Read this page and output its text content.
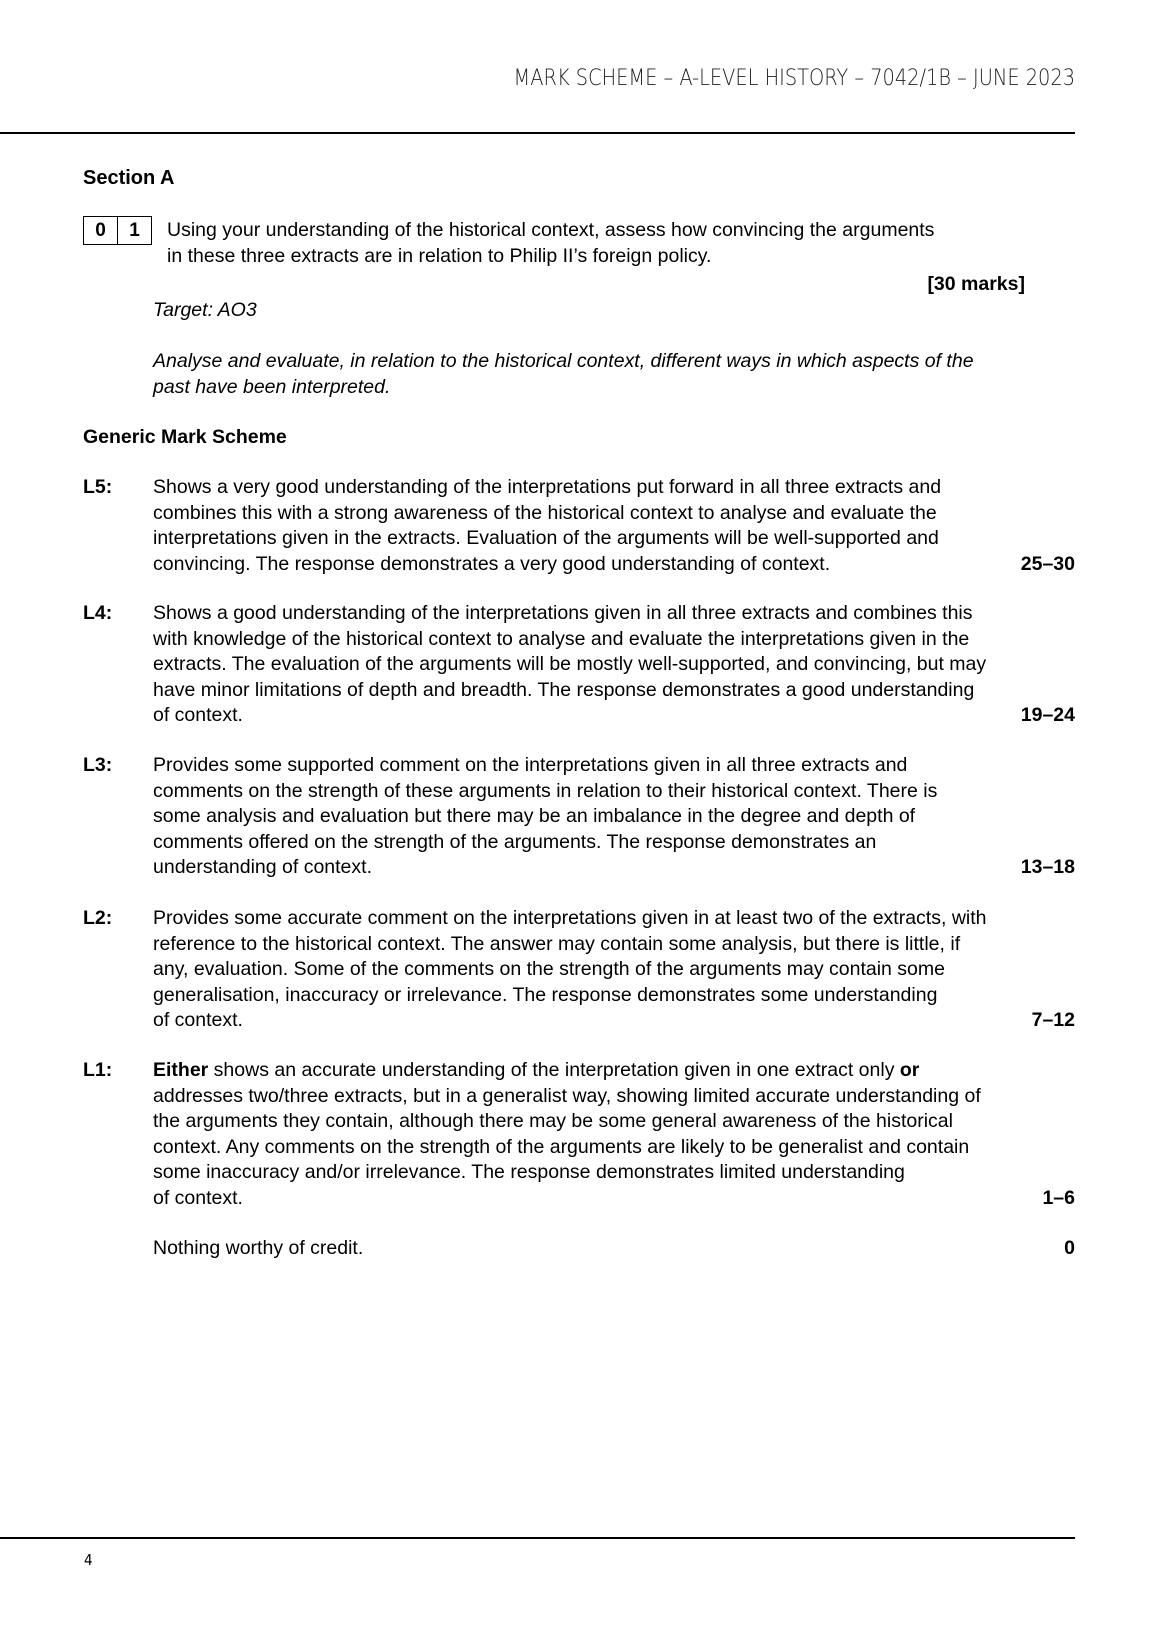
MARK SCHEME – A-LEVEL HISTORY – 7042/1B – JUNE 2023
Section A
0	1	Using your understanding of the historical context, assess how convincing the arguments
in these three extracts are in relation to Philip II’s foreign policy.
[30 marks]
Target: AO3
Analyse and evaluate, in relation to the historical context, different ways in which aspects of the
past have been interpreted.
Generic Mark Scheme
L5: Shows a very good understanding of the interpretations put forward in all three extracts and
combines this with a strong awareness of the historical context to analyse and evaluate the
interpretations given in the extracts. Evaluation of the arguments will be well-supported and
convincing. The response demonstrates a very good understanding of context.	25–30
L4: Shows a good understanding of the interpretations given in all three extracts and combines this
with knowledge of the historical context to analyse and evaluate the interpretations given in the
extracts. The evaluation of the arguments will be mostly well-supported, and convincing, but may
have minor limitations of depth and breadth. The response demonstrates a good understanding
of context.	19–24
L3: Provides some supported comment on the interpretations given in all three extracts and
comments on the strength of these arguments in relation to their historical context. There is
some analysis and evaluation but there may be an imbalance in the degree and depth of
comments offered on the strength of the arguments. The response demonstrates an
understanding of context.	13–18
L2: Provides some accurate comment on the interpretations given in at least two of the extracts, with
reference to the historical context. The answer may contain some analysis, but there is little, if
any, evaluation. Some of the comments on the strength of the arguments may contain some
generalisation, inaccuracy or irrelevance. The response demonstrates some understanding
of context.	7–12
L1: Either shows an accurate understanding of the interpretation given in one extract only or
addresses two/three extracts, but in a generalist way, showing limited accurate understanding of
the arguments they contain, although there may be some general awareness of the historical
context. Any comments on the strength of the arguments are likely to be generalist and contain
some inaccuracy and/or irrelevance. The response demonstrates limited understanding
of context.	1–6
Nothing worthy of credit.	0
4
